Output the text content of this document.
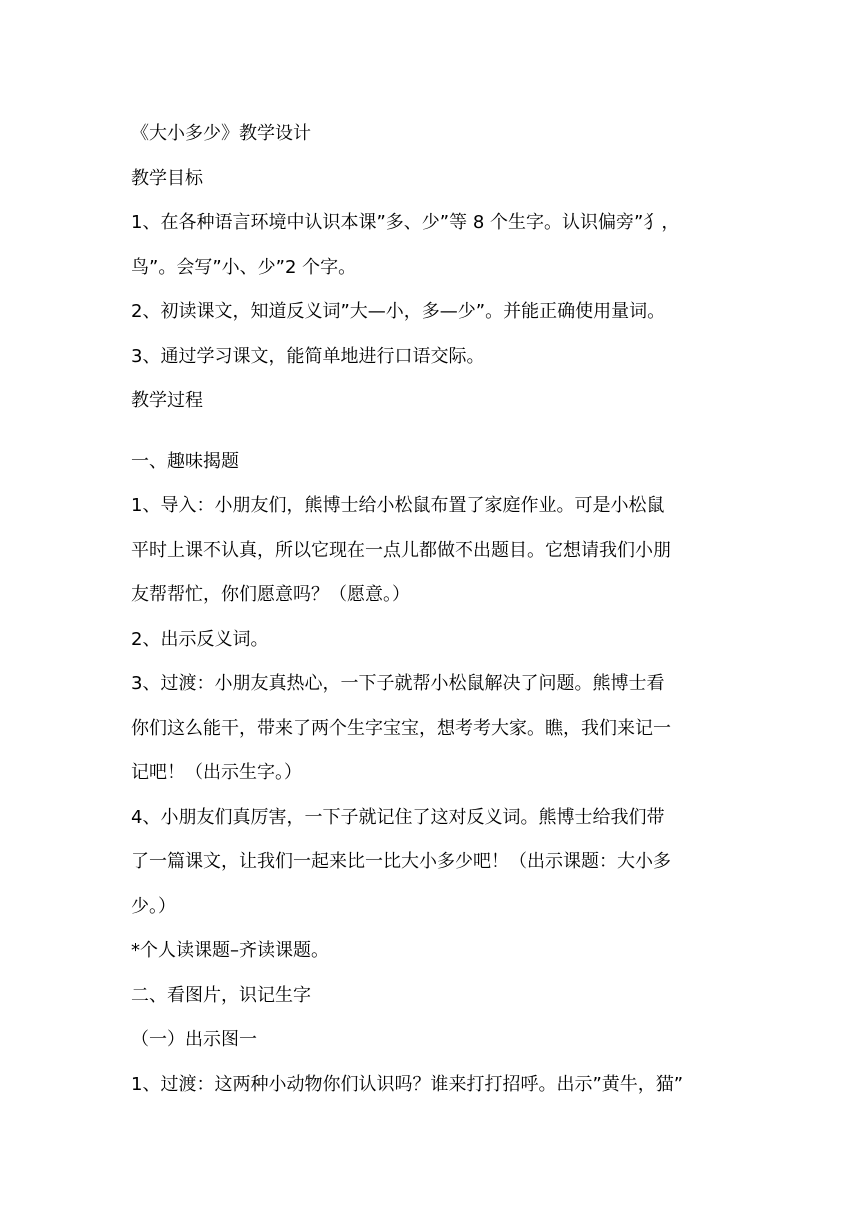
《大小多少》教学设计

教学目标

1、在各种语言环境中认识本课”多、少”等 8 个生字。认识偏旁”犭，

鸟”。会写”小、少”2 个字。

2、初读课文，知道反义词”大—小，多—少”。并能正确使用量词。

3、通过学习课文，能简单地进行口语交际。

教学过程

一、趣味揭题

1、导入：小朋友们，熊博士给小松鼠布置了家庭作业。可是小松鼠

平时上课不认真，所以它现在一点儿都做不出题目。它想请我们小朋

友帮帮忙，你们愿意吗？（愿意。）

2、出示反义词。

3、过渡：小朋友真热心，一下子就帮小松鼠解决了问题。熊博士看

你们这么能干，带来了两个生字宝宝，想考考大家。瞧，我们来记一

记吧！（出示生字。）

4、小朋友们真厉害，一下子就记住了这对反义词。熊博士给我们带

了一篇课文，让我们一起来比一比大小多少吧！（出示课题：大小多

少。）

*个人读课题–齐读课题。

二、看图片，识记生字

（一）出示图一

1、过渡：这两种小动物你们认识吗？谁来打打招呼。出示”黄牛，猫”
